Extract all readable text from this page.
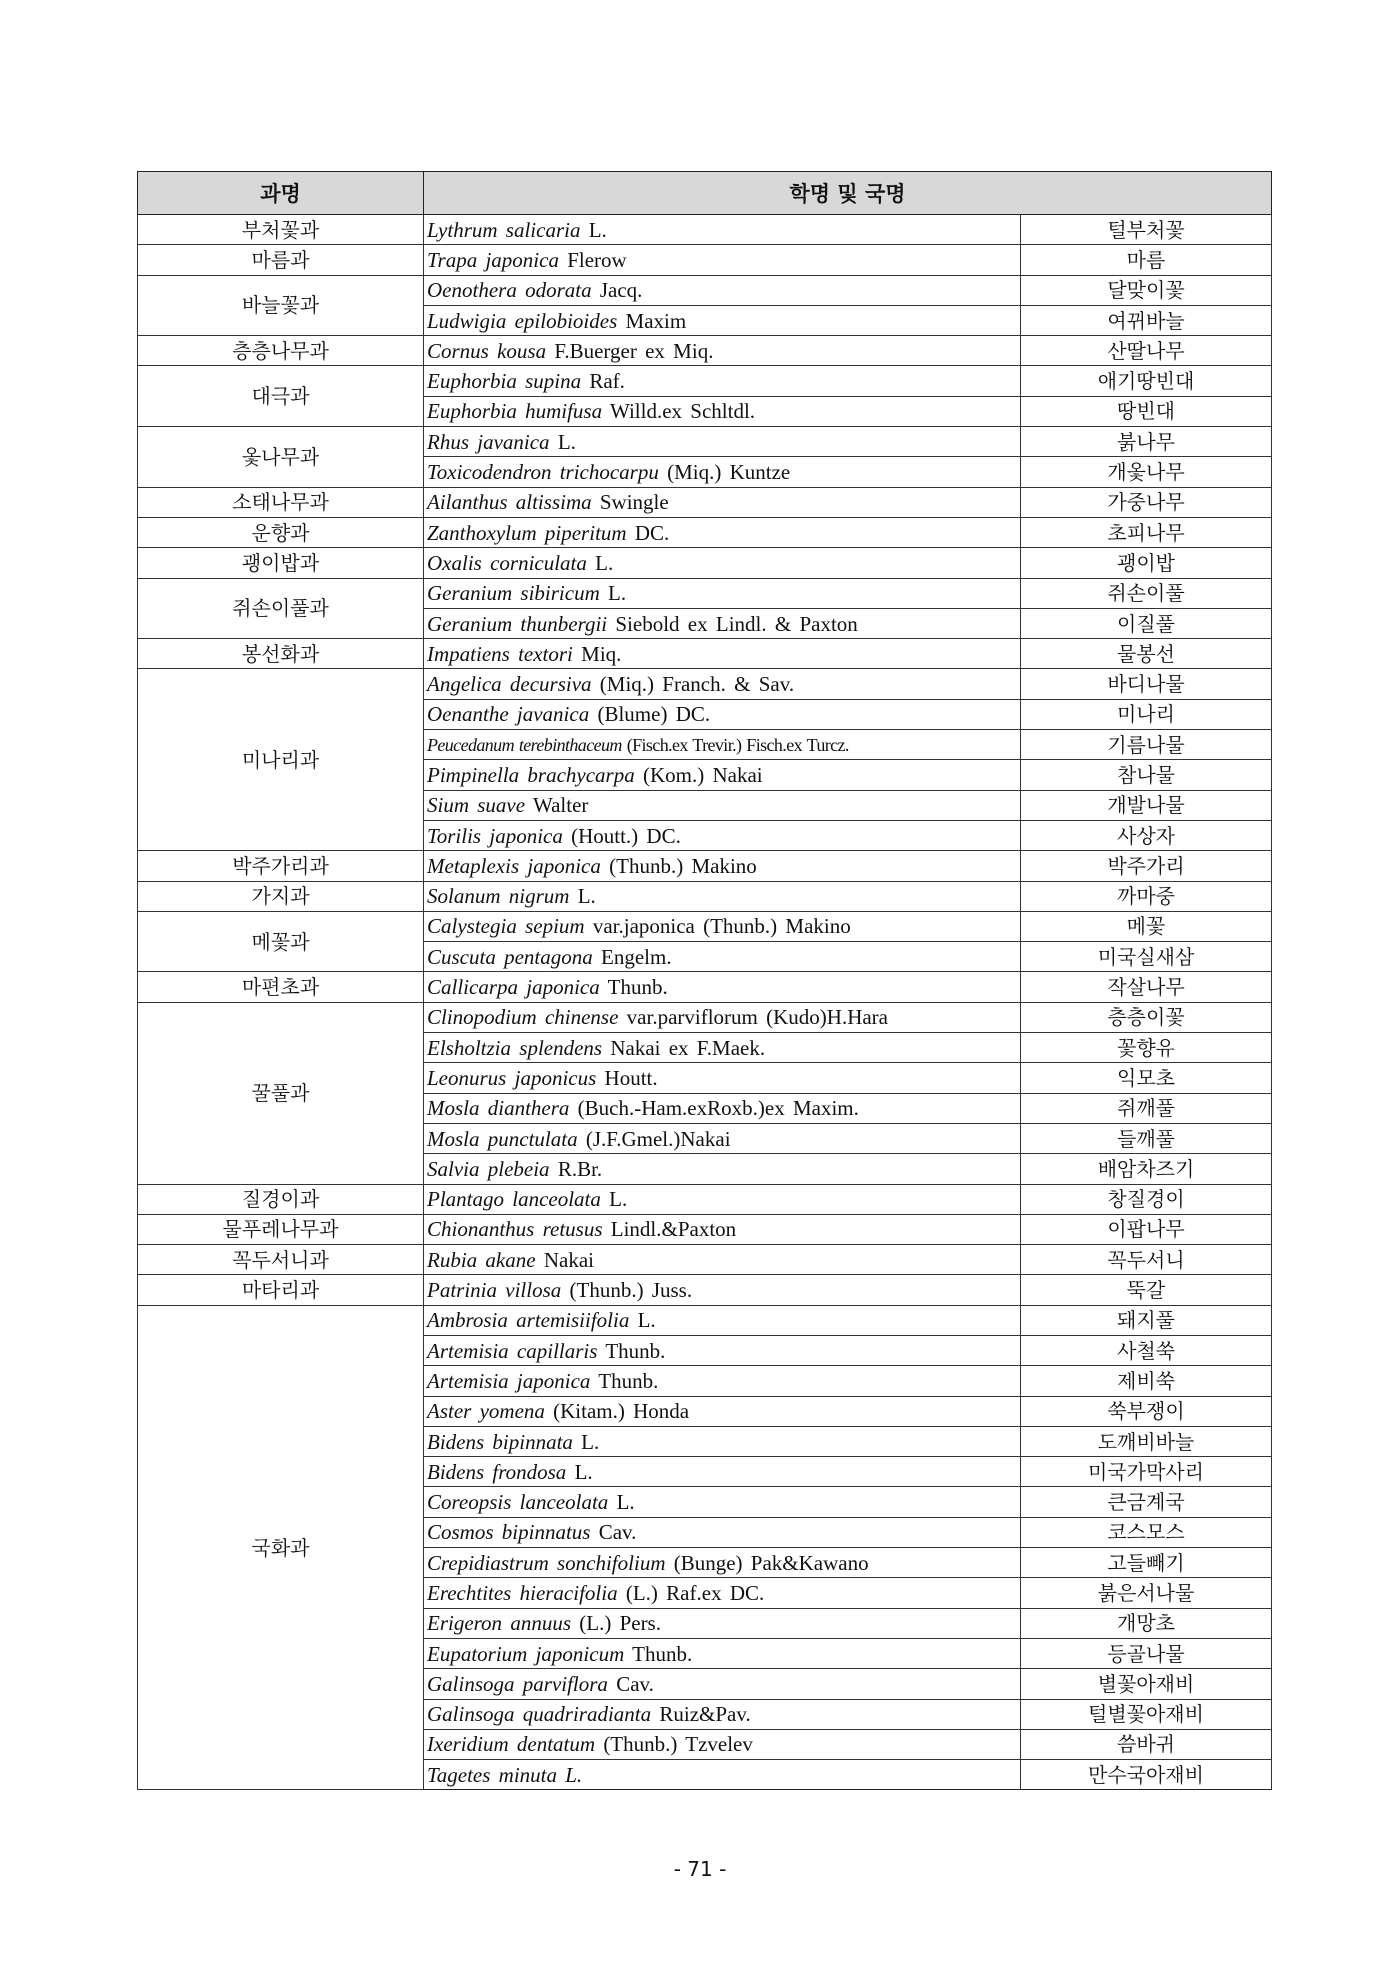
과명	학명 및 국명	
부처꽃과	Lythrum salicaria L.	털부처꽃
마름과	Trapa japonica Flerow	마름
바늘꽃과	Oenothera odorata Jacq.	달맞이꽃
	Ludwigia epilobioides Maxim	여뀌바늘
층층나무과	Cornus kousa F.Buerger ex Miq.	산딸나무
대극과	Euphorbia supina Raf.	애기땅빈대
	Euphorbia humifusa Willd.ex Schltdl.	땅빈대
옻나무과	Rhus javanica L.	붉나무
	Toxicodendron trichocarpu (Miq.) Kuntze	개옻나무
소태나무과	Ailanthus altissima Swingle	가중나무
운향과	Zanthoxylum piperitum DC.	초피나무
괭이밥과	Oxalis corniculata L.	괭이밥
쥐손이풀과	Geranium sibiricum L.	쥐손이풀
	Geranium thunbergii Siebold ex Lindl. & Paxton	이질풀
봉선화과	Impatiens textori Miq.	물봉선
미나리과	Angelica decursiva (Miq.) Franch. & Sav.	바디나물
	Oenanthe javanica (Blume) DC.	미나리
	Peucedanum terebinthaceum (Fisch.ex Trevir.) Fisch.ex Turcz.	기름나물
	Pimpinella brachycarpa (Kom.) Nakai	참나물
	Sium suave Walter	개발나물
	Torilis japonica (Houtt.) DC.	사상자
박주가리과	Metaplexis japonica (Thunb.) Makino	박주가리
가지과	Solanum nigrum L.	까마중
메꽃과	Calystegia sepium var.japonica (Thunb.) Makino	메꽃
	Cuscuta pentagona Engelm.	미국실새삼
마편초과	Callicarpa japonica Thunb.	작살나무
꿀풀과	Clinopodium chinense var.parviflorum (Kudo)H.Hara	층층이꽃
	Elsholtzia splendens Nakai ex F.Maek.	꽃향유
	Leonurus japonicus Houtt.	익모초
	Mosla dianthera (Buch.-Ham.exRoxb.)ex Maxim.	쥐깨풀
	Mosla punctulata (J.F.Gmel.)Nakai	들깨풀
	Salvia plebeia R.Br.	배암차즈기
질경이과	Plantago lanceolata L.	창질경이
물푸레나무과	Chionanthus retusus Lindl.&Paxton	이팝나무
꼭두서니과	Rubia akane Nakai	꼭두서니
마타리과	Patrinia villosa (Thunb.) Juss.	뚝갈
국화과	Ambrosia artemisiifolia L.	돼지풀
	Artemisia capillaris Thunb.	사철쑥
	Artemisia japonica Thunb.	제비쑥
	Aster yomena (Kitam.) Honda	쑥부쟁이
	Bidens bipinnata L.	도깨비바늘
	Bidens frondosa L.	미국가막사리
	Coreopsis lanceolata L.	큰금계국
	Cosmos bipinnatus Cav.	코스모스
	Crepidiastrum sonchifolium (Bunge) Pak&Kawano	고들빼기
	Erechtites hieracifolia (L.) Raf.ex DC.	붉은서나물
	Erigeron annuus (L.) Pers.	개망초
	Eupatorium japonicum Thunb.	등골나물
	Galinsoga parviflora Cav.	별꽃아재비
	Galinsoga quadriradianta Ruiz&Pav.	털별꽃아재비
	Ixeridium dentatum (Thunb.) Tzvelev	씀바귀
	Tagetes minuta L.	만수국아재비
- 71 -
